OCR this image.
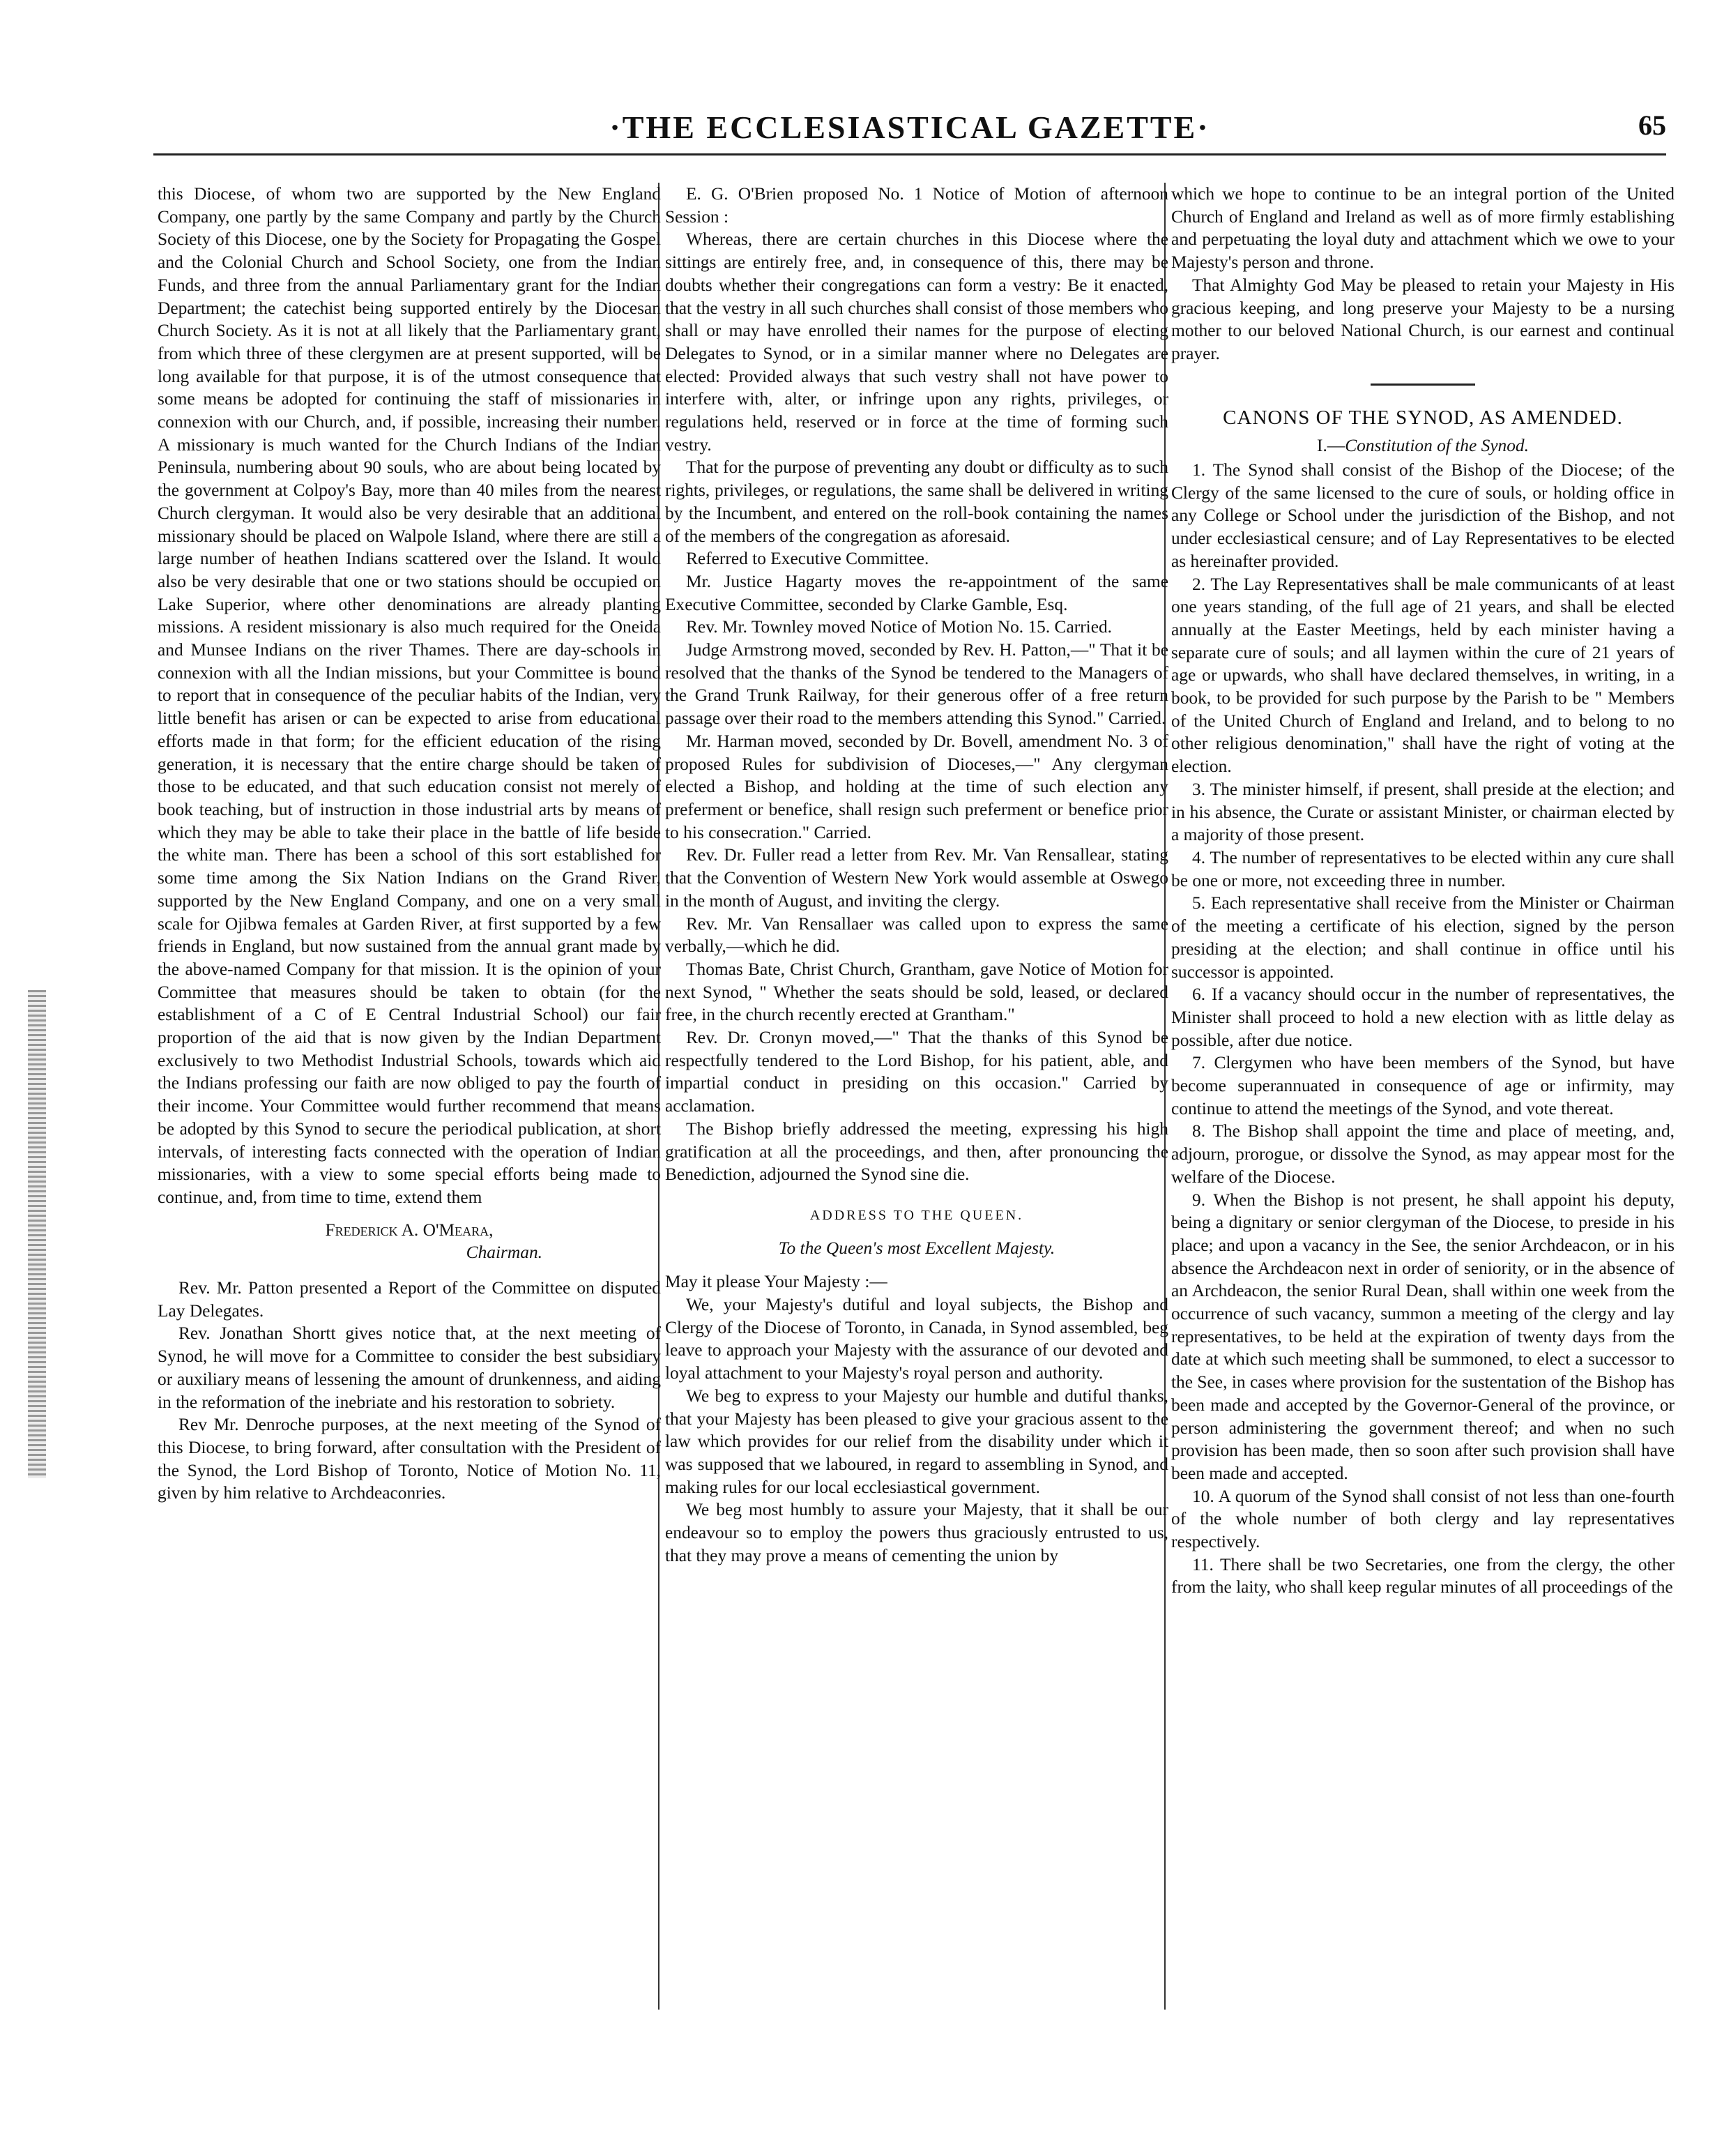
·THE ECCLESIASTICAL GAZETTE·	65

this Diocese, of whom two are supported by the New England Company, one partly by the same Company and partly by the Church Society of this Diocese, one by the Society for Propagating the Gospel and the Colonial Church and School Society, one from the Indian Funds, and three from the annual Parliamentary grant for the Indian Department; the catechist being supported entirely by the Diocesan Church Society. As it is not at all likely that the Parliamentary grant, from which three of these clergymen are at present supported, will be long available for that purpose, it is of the utmost consequence that some means be adopted for continuing the staff of missionaries in connexion with our Church, and, if possible, increasing their number. A missionary is much wanted for the Church Indians of the Indian Peninsula, numbering about 90 souls, who are about being located by the government at Colpoy's Bay, more than 40 miles from the nearest Church clergyman. It would also be very desirable that an additional missionary should be placed on Walpole Island, where there are still a large number of heathen Indians scattered over the Island. It would also be very desirable that one or two stations should be occupied on Lake Superior, where other denominations are already planting missions. A resident missionary is also much required for the Oneida and Munsee Indians on the river Thames. There are day-schools in connexion with all the Indian missions, but your Committee is bound to report that in consequence of the peculiar habits of the Indian, very little benefit has arisen or can be expected to arise from educational efforts made in that form; for the efficient education of the rising generation, it is necessary that the entire charge should be taken of those to be educated, and that such education consist not merely of book teaching, but of instruction in those industrial arts by means of which they may be able to take their place in the battle of life beside the white man. There has been a school of this sort established for some time among the Six Nation Indians on the Grand River, supported by the New England Company, and one on a very small scale for Ojibwa females at Garden River, at first supported by a few friends in England, but now sustained from the annual grant made by the above-named Company for that mission. It is the opinion of your Committee that measures should be taken to obtain (for the establishment of a C of E Central Industrial School) our fair proportion of the aid that is now given by the Indian Department exclusively to two Methodist Industrial Schools, towards which aid the Indians professing our faith are now obliged to pay the fourth of their income. Your Committee would further recommend that means be adopted by this Synod to secure the periodical publication, at short intervals, of interesting facts connected with the operation of Indian missionaries, with a view to some special efforts being made to continue, and, from time to time, extend them

Frederick A. O'Meara,

Chairman.

Rev. Mr. Patton presented a Report of the Committee on disputed Lay Delegates.

Rev. Jonathan Shortt gives notice that, at the next meeting of Synod, he will move for a Committee to consider the best subsidiary or auxiliary means of lessening the amount of drunkenness, and aiding in the reformation of the inebriate and his restoration to sobriety.

Rev Mr. Denroche purposes, at the next meeting of the Synod of this Diocese, to bring forward, after consultation with the President of the Synod, the Lord Bishop of Toronto, Notice of Motion No. 11, given by him relative to Archdeaconries.

E. G. O'Brien proposed No. 1 Notice of Motion of afternoon Session :

Whereas, there are certain churches in this Diocese where the sittings are entirely free, and, in consequence of this, there may be doubts whether their congregations can form a vestry: Be it enacted, that the vestry in all such churches shall consist of those members who shall or may have enrolled their names for the purpose of electing Delegates to Synod, or in a similar manner where no Delegates are elected: Provided always that such vestry shall not have power to interfere with, alter, or infringe upon any rights, privileges, or regulations held, reserved or in force at the time of forming such vestry.

That for the purpose of preventing any doubt or difficulty as to such rights, privileges, or regulations, the same shall be delivered in writing by the Incumbent, and entered on the roll-book containing the names of the members of the congregation as aforesaid.

Referred to Executive Committee.

Mr. Justice Hagarty moves the re-appointment of the same Executive Committee, seconded by Clarke Gamble, Esq.

Rev. Mr. Townley moved Notice of Motion No. 15. Carried.

Judge Armstrong moved, seconded by Rev. H. Patton,—" That it be resolved that the thanks of the Synod be tendered to the Managers of the Grand Trunk Railway, for their generous offer of a free return passage over their road to the members attending this Synod." Carried.

Mr. Harman moved, seconded by Dr. Bovell, amendment No. 3 of proposed Rules for subdivision of Dioceses,—" Any clergyman elected a Bishop, and holding at the time of such election any preferment or benefice, shall resign such preferment or benefice prior to his consecration." Carried.

Rev. Dr. Fuller read a letter from Rev. Mr. Van Rensallear, stating that the Convention of Western New York would assemble at Oswego in the month of August, and inviting the clergy.

Rev. Mr. Van Rensallaer was called upon to express the same verbally,—which he did.

Thomas Bate, Christ Church, Grantham, gave Notice of Motion for next Synod, " Whether the seats should be sold, leased, or declared free, in the church recently erected at Grantham."

Rev. Dr. Cronyn moved,—" That the thanks of this Synod be respectfully tendered to the Lord Bishop, for his patient, able, and impartial conduct in presiding on this occasion." Carried by acclamation.

The Bishop briefly addressed the meeting, expressing his high gratification at all the proceedings, and then, after pronouncing the Benediction, adjourned the Synod sine die.

ADDRESS TO THE QUEEN.

To the Queen's most Excellent Majesty.

May it please Your Majesty :—

We, your Majesty's dutiful and loyal subjects, the Bishop and Clergy of the Diocese of Toronto, in Canada, in Synod assembled, beg leave to approach your Majesty with the assurance of our devoted and loyal attachment to your Majesty's royal person and authority.

We beg to express to your Majesty our humble and dutiful thanks, that your Majesty has been pleased to give your gracious assent to the law which provides for our relief from the disability under which it was supposed that we laboured, in regard to assembling in Synod, and making rules for our local ecclesiastical government.

We beg most humbly to assure your Majesty, that it shall be our endeavour so to employ the powers thus graciously entrusted to us, that they may prove a means of cementing the union by

which we hope to continue to be an integral portion of the United Church of England and Ireland as well as of more firmly establishing and perpetuating the loyal duty and attachment which we owe to your Majesty's person and throne.

That Almighty God May be pleased to retain your Majesty in His gracious keeping, and long preserve your Majesty to be a nursing mother to our beloved National Church, is our earnest and continual prayer.

CANONS OF THE SYNOD, AS AMENDED.

I.—Constitution of the Synod.

1. The Synod shall consist of the Bishop of the Diocese; of the Clergy of the same licensed to the cure of souls, or holding office in any College or School under the jurisdiction of the Bishop, and not under ecclesiastical censure; and of Lay Representatives to be elected as hereinafter provided.

2. The Lay Representatives shall be male communicants of at least one years standing, of the full age of 21 years, and shall be elected annually at the Easter Meetings, held by each minister having a separate cure of souls; and all laymen within the cure of 21 years of age or upwards, who shall have declared themselves, in writing, in a book, to be provided for such purpose by the Parish to be " Members of the United Church of England and Ireland, and to belong to no other religious denomination," shall have the right of voting at the election.

3. The minister himself, if present, shall preside at the election; and in his absence, the Curate or assistant Minister, or chairman elected by a majority of those present.

4. The number of representatives to be elected within any cure shall be one or more, not exceeding three in number.

5. Each representative shall receive from the Minister or Chairman of the meeting a certificate of his election, signed by the person presiding at the election; and shall continue in office until his successor is appointed.

6. If a vacancy should occur in the number of representatives, the Minister shall proceed to hold a new election with as little delay as possible, after due notice.

7. Clergymen who have been members of the Synod, but have become superannuated in consequence of age or infirmity, may continue to attend the meetings of the Synod, and vote thereat.

8. The Bishop shall appoint the time and place of meeting, and, adjourn, prorogue, or dissolve the Synod, as may appear most for the welfare of the Diocese.

9. When the Bishop is not present, he shall appoint his deputy, being a dignitary or senior clergyman of the Diocese, to preside in his place; and upon a vacancy in the See, the senior Archdeacon, or in his absence the Archdeacon next in order of seniority, or in the absence of an Archdeacon, the senior Rural Dean, shall within one week from the occurrence of such vacancy, summon a meeting of the clergy and lay representatives, to be held at the expiration of twenty days from the date at which such meeting shall be summoned, to elect a successor to the See, in cases where provision for the sustentation of the Bishop has been made and accepted by the Governor-General of the province, or person administering the government thereof; and when no such provision has been made, then so soon after such provision shall have been made and accepted.

10. A quorum of the Synod shall consist of not less than one-fourth of the whole number of both clergy and lay representatives respectively.

11. There shall be two Secretaries, one from the clergy, the other from the laity, who shall keep regular minutes of all proceedings of the
